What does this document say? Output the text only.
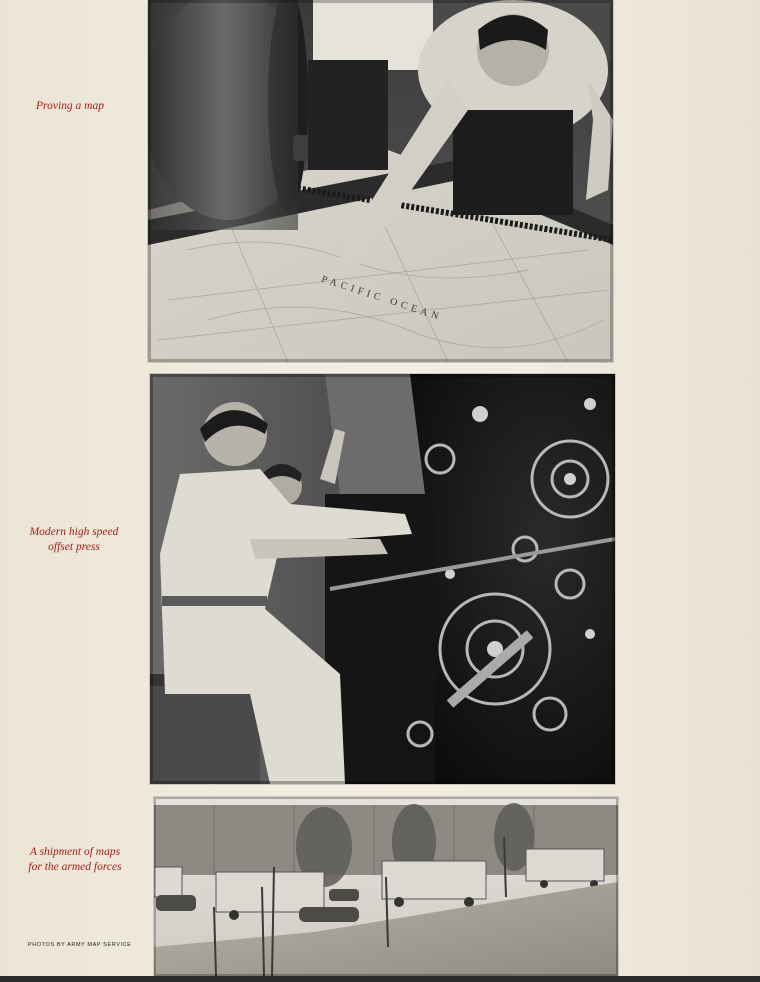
Proving a map
Modern high speed
offset press
A shipment of maps
for the armed forces
PHOTOS BY ARMY MAP SERVICE
PACIFIC OCEAN
